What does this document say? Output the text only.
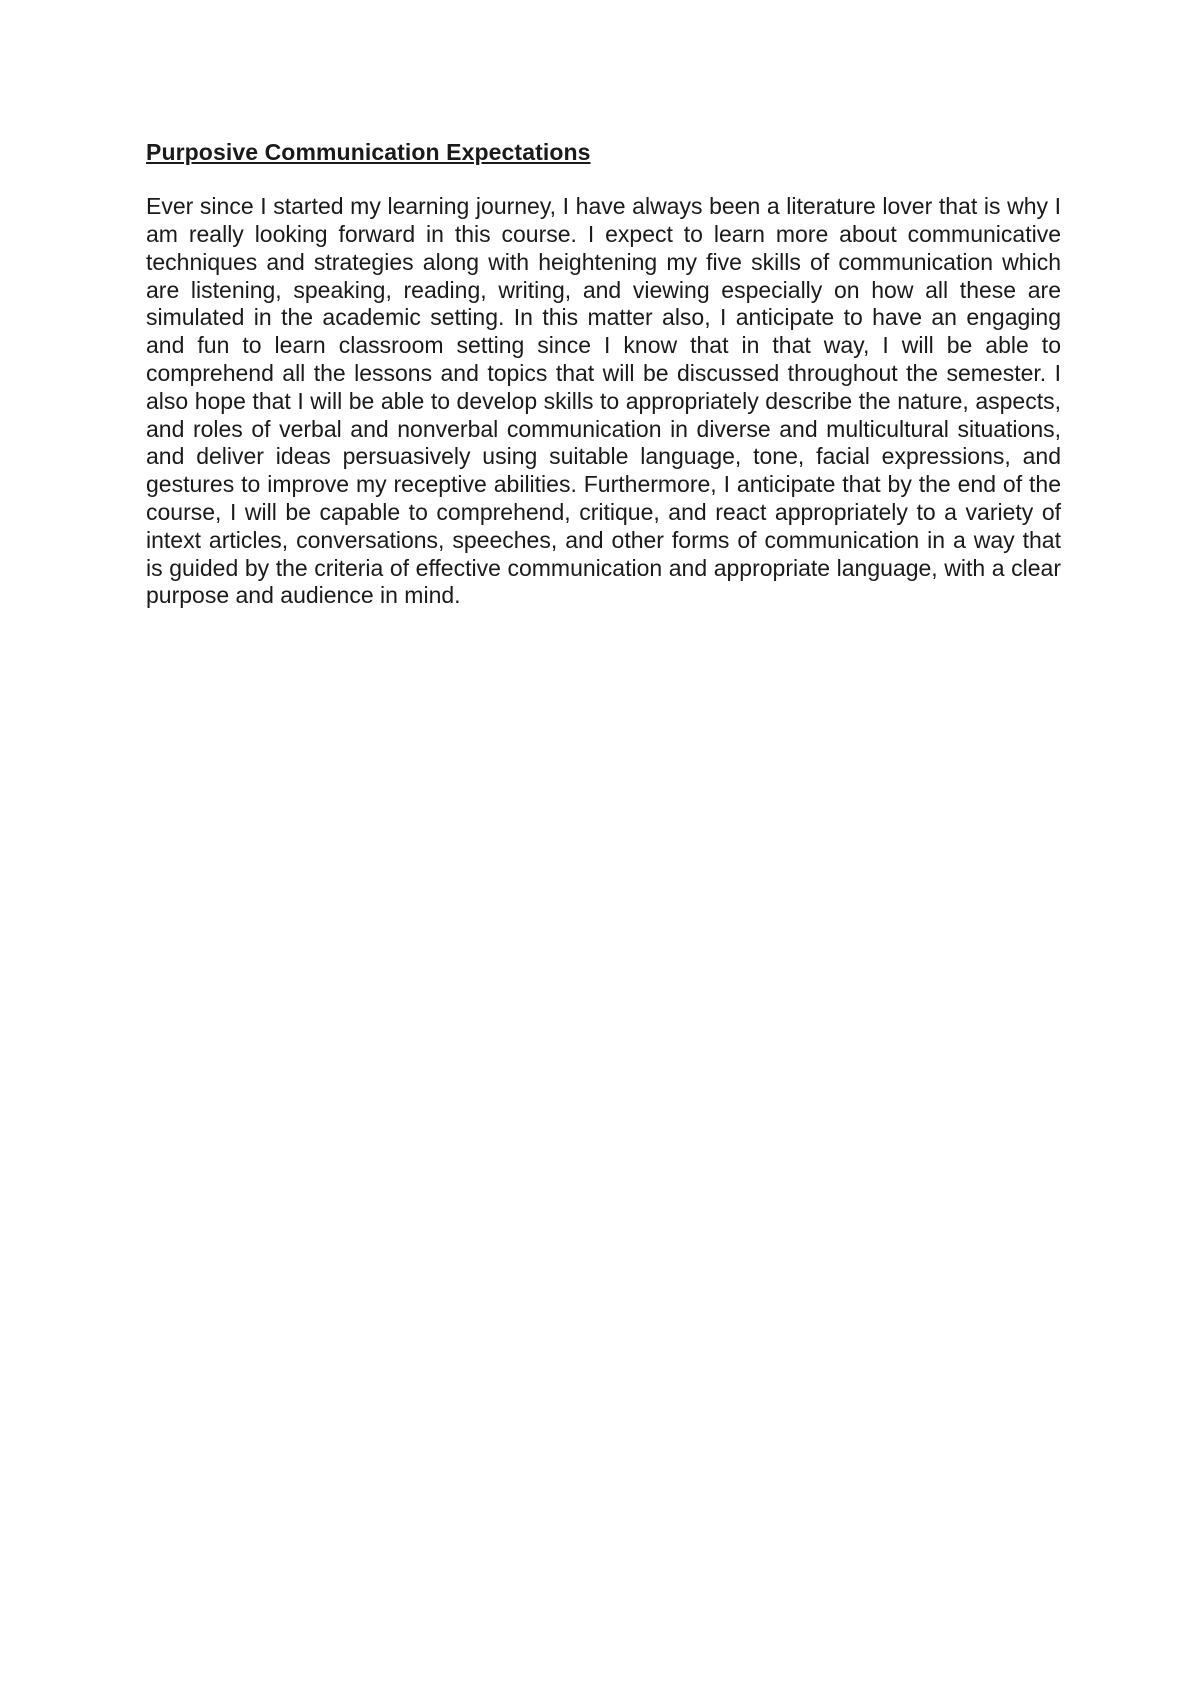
Purposive Communication Expectations

Ever since I started my learning journey, I have always been a literature lover that is why I am really looking forward in this course. I expect to learn more about communicative techniques and strategies along with heightening my five skills of communication which are listening, speaking, reading, writing, and viewing especially on how all these are simulated in the academic setting. In this matter also, I anticipate to have an engaging and fun to learn classroom setting since I know that in that way, I will be able to comprehend all the lessons and topics that will be discussed throughout the semester. I also hope that I will be able to develop skills to appropriately describe the nature, aspects, and roles of verbal and nonverbal communication in diverse and multicultural situations, and deliver ideas persuasively using suitable language, tone, facial expressions, and gestures to improve my receptive abilities. Furthermore, I anticipate that by the end of the course, I will be capable to comprehend, critique, and react appropriately to a variety of intext articles, conversations, speeches, and other forms of communication in a way that is guided by the criteria of effective communication and appropriate language, with a clear purpose and audience in mind.
